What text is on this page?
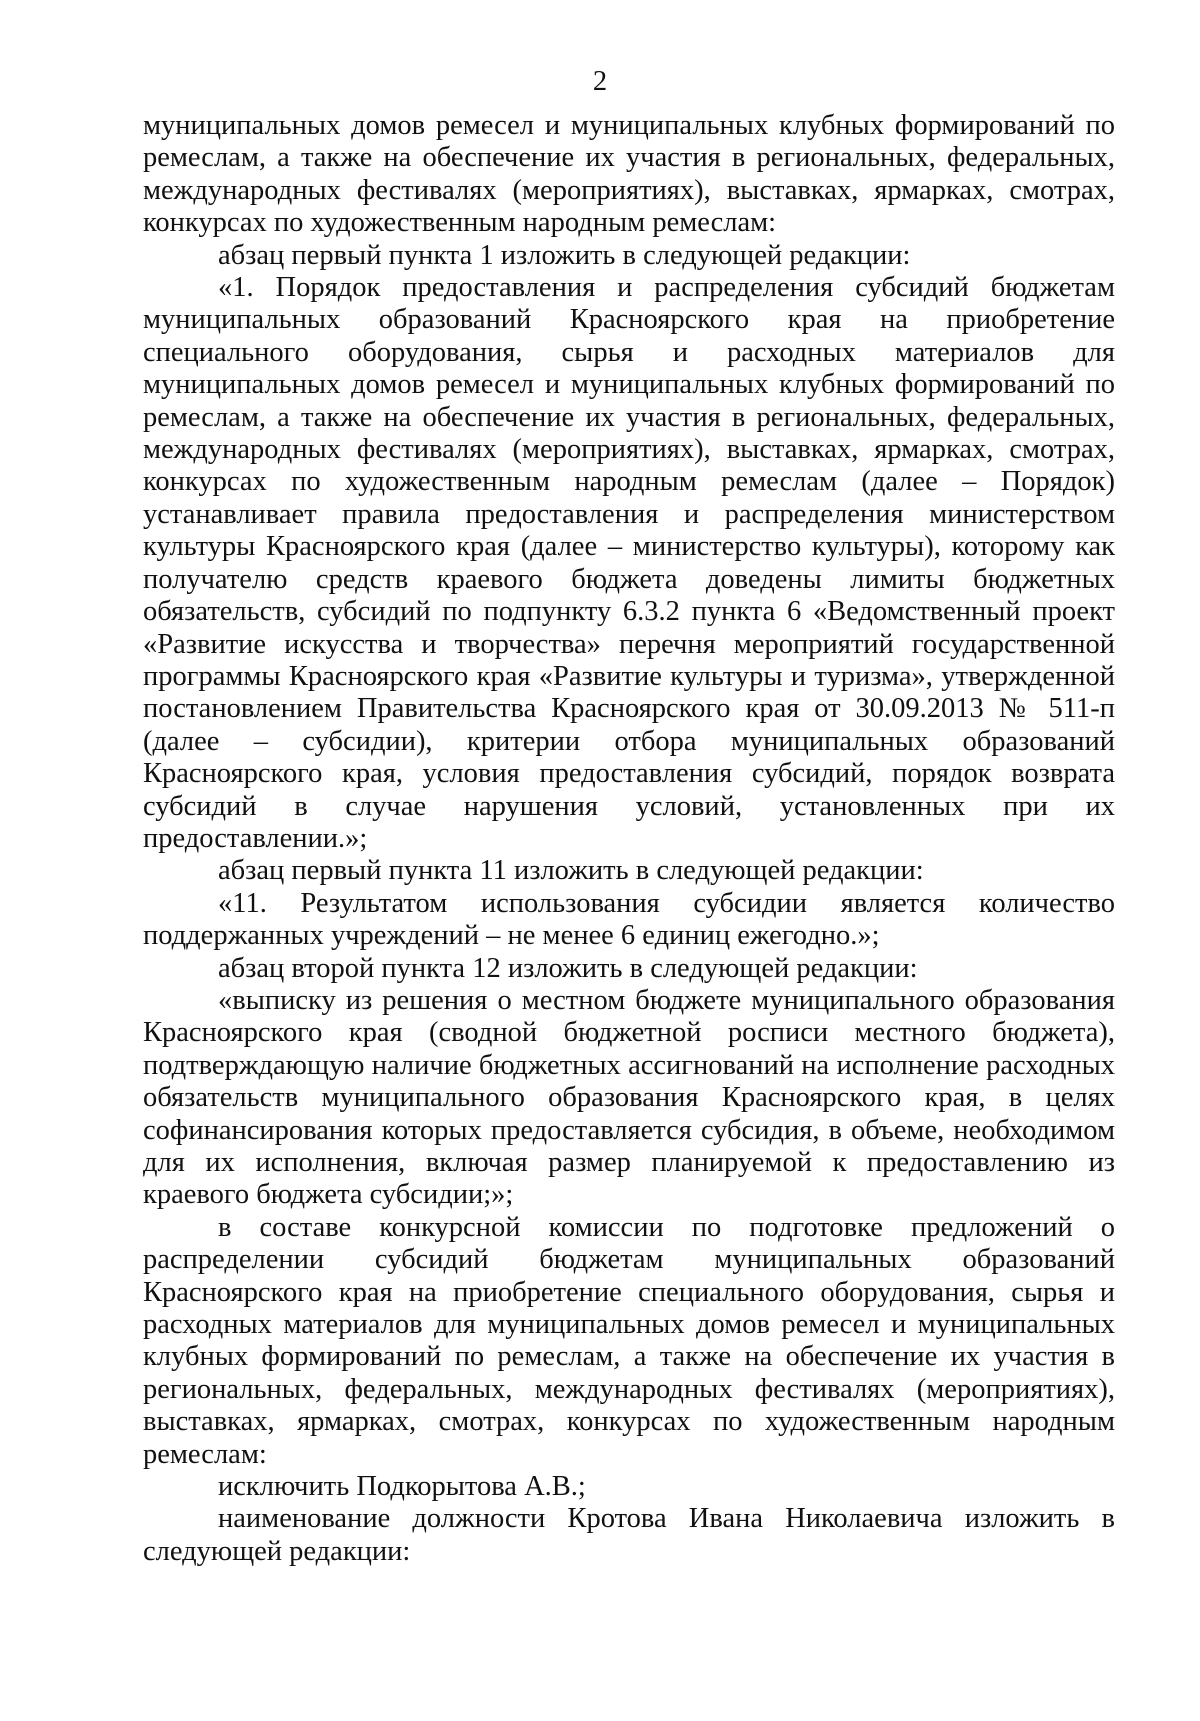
2

муниципальных домов ремесел и муниципальных клубных формирований по ремеслам, а также на обеспечение их участия в региональных, федеральных, международных фестивалях (мероприятиях), выставках, ярмарках, смотрах, конкурсах по художественным народным ремеслам:

абзац первый пункта 1 изложить в следующей редакции:

«1. Порядок предоставления и распределения субсидий бюджетам муниципальных образований Красноярского края на приобретение специального оборудования, сырья и расходных материалов для муниципальных домов ремесел и муниципальных клубных формирований по ремеслам, а также на обеспечение их участия в региональных, федеральных, международных фестивалях (мероприятиях), выставках, ярмарках, смотрах, конкурсах по художественным народным ремеслам (далее – Порядок) устанавливает правила предоставления и распределения министерством культуры Красноярского края (далее – министерство культуры), которому как получателю средств краевого бюджета доведены лимиты бюджетных обязательств, субсидий по подпункту 6.3.2 пункта 6 «Ведомственный проект «Развитие искусства и творчества» перечня мероприятий государственной программы Красноярского края «Развитие культуры и туризма», утвержденной постановлением Правительства Красноярского края от 30.09.2013 № 511-п (далее – субсидии), критерии отбора муниципальных образований Красноярского края, условия предоставления субсидий, порядок возврата субсидий в случае нарушения условий, установленных при их предоставлении.»;

абзац первый пункта 11 изложить в следующей редакции:

«11. Результатом использования субсидии является количество поддержанных учреждений – не менее 6 единиц ежегодно.»;

абзац второй пункта 12 изложить в следующей редакции:

«выписку из решения о местном бюджете муниципального образования Красноярского края (сводной бюджетной росписи местного бюджета), подтверждающую наличие бюджетных ассигнований на исполнение расходных обязательств муниципального образования Красноярского края, в целях софинансирования которых предоставляется субсидия, в объеме, необходимом для их исполнения, включая размер планируемой к предоставлению из краевого бюджета субсидии;»;

в составе конкурсной комиссии по подготовке предложений о распределении субсидий бюджетам муниципальных образований Красноярского края на приобретение специального оборудования, сырья и расходных материалов для муниципальных домов ремесел и муниципальных клубных формирований по ремеслам, а также на обеспечение их участия в региональных, федеральных, международных фестивалях (мероприятиях), выставках, ярмарках, смотрах, конкурсах по художественным народным ремеслам:

исключить Подкорытова А.В.;

наименование должности Кротова Ивана Николаевича изложить в следующей редакции:
